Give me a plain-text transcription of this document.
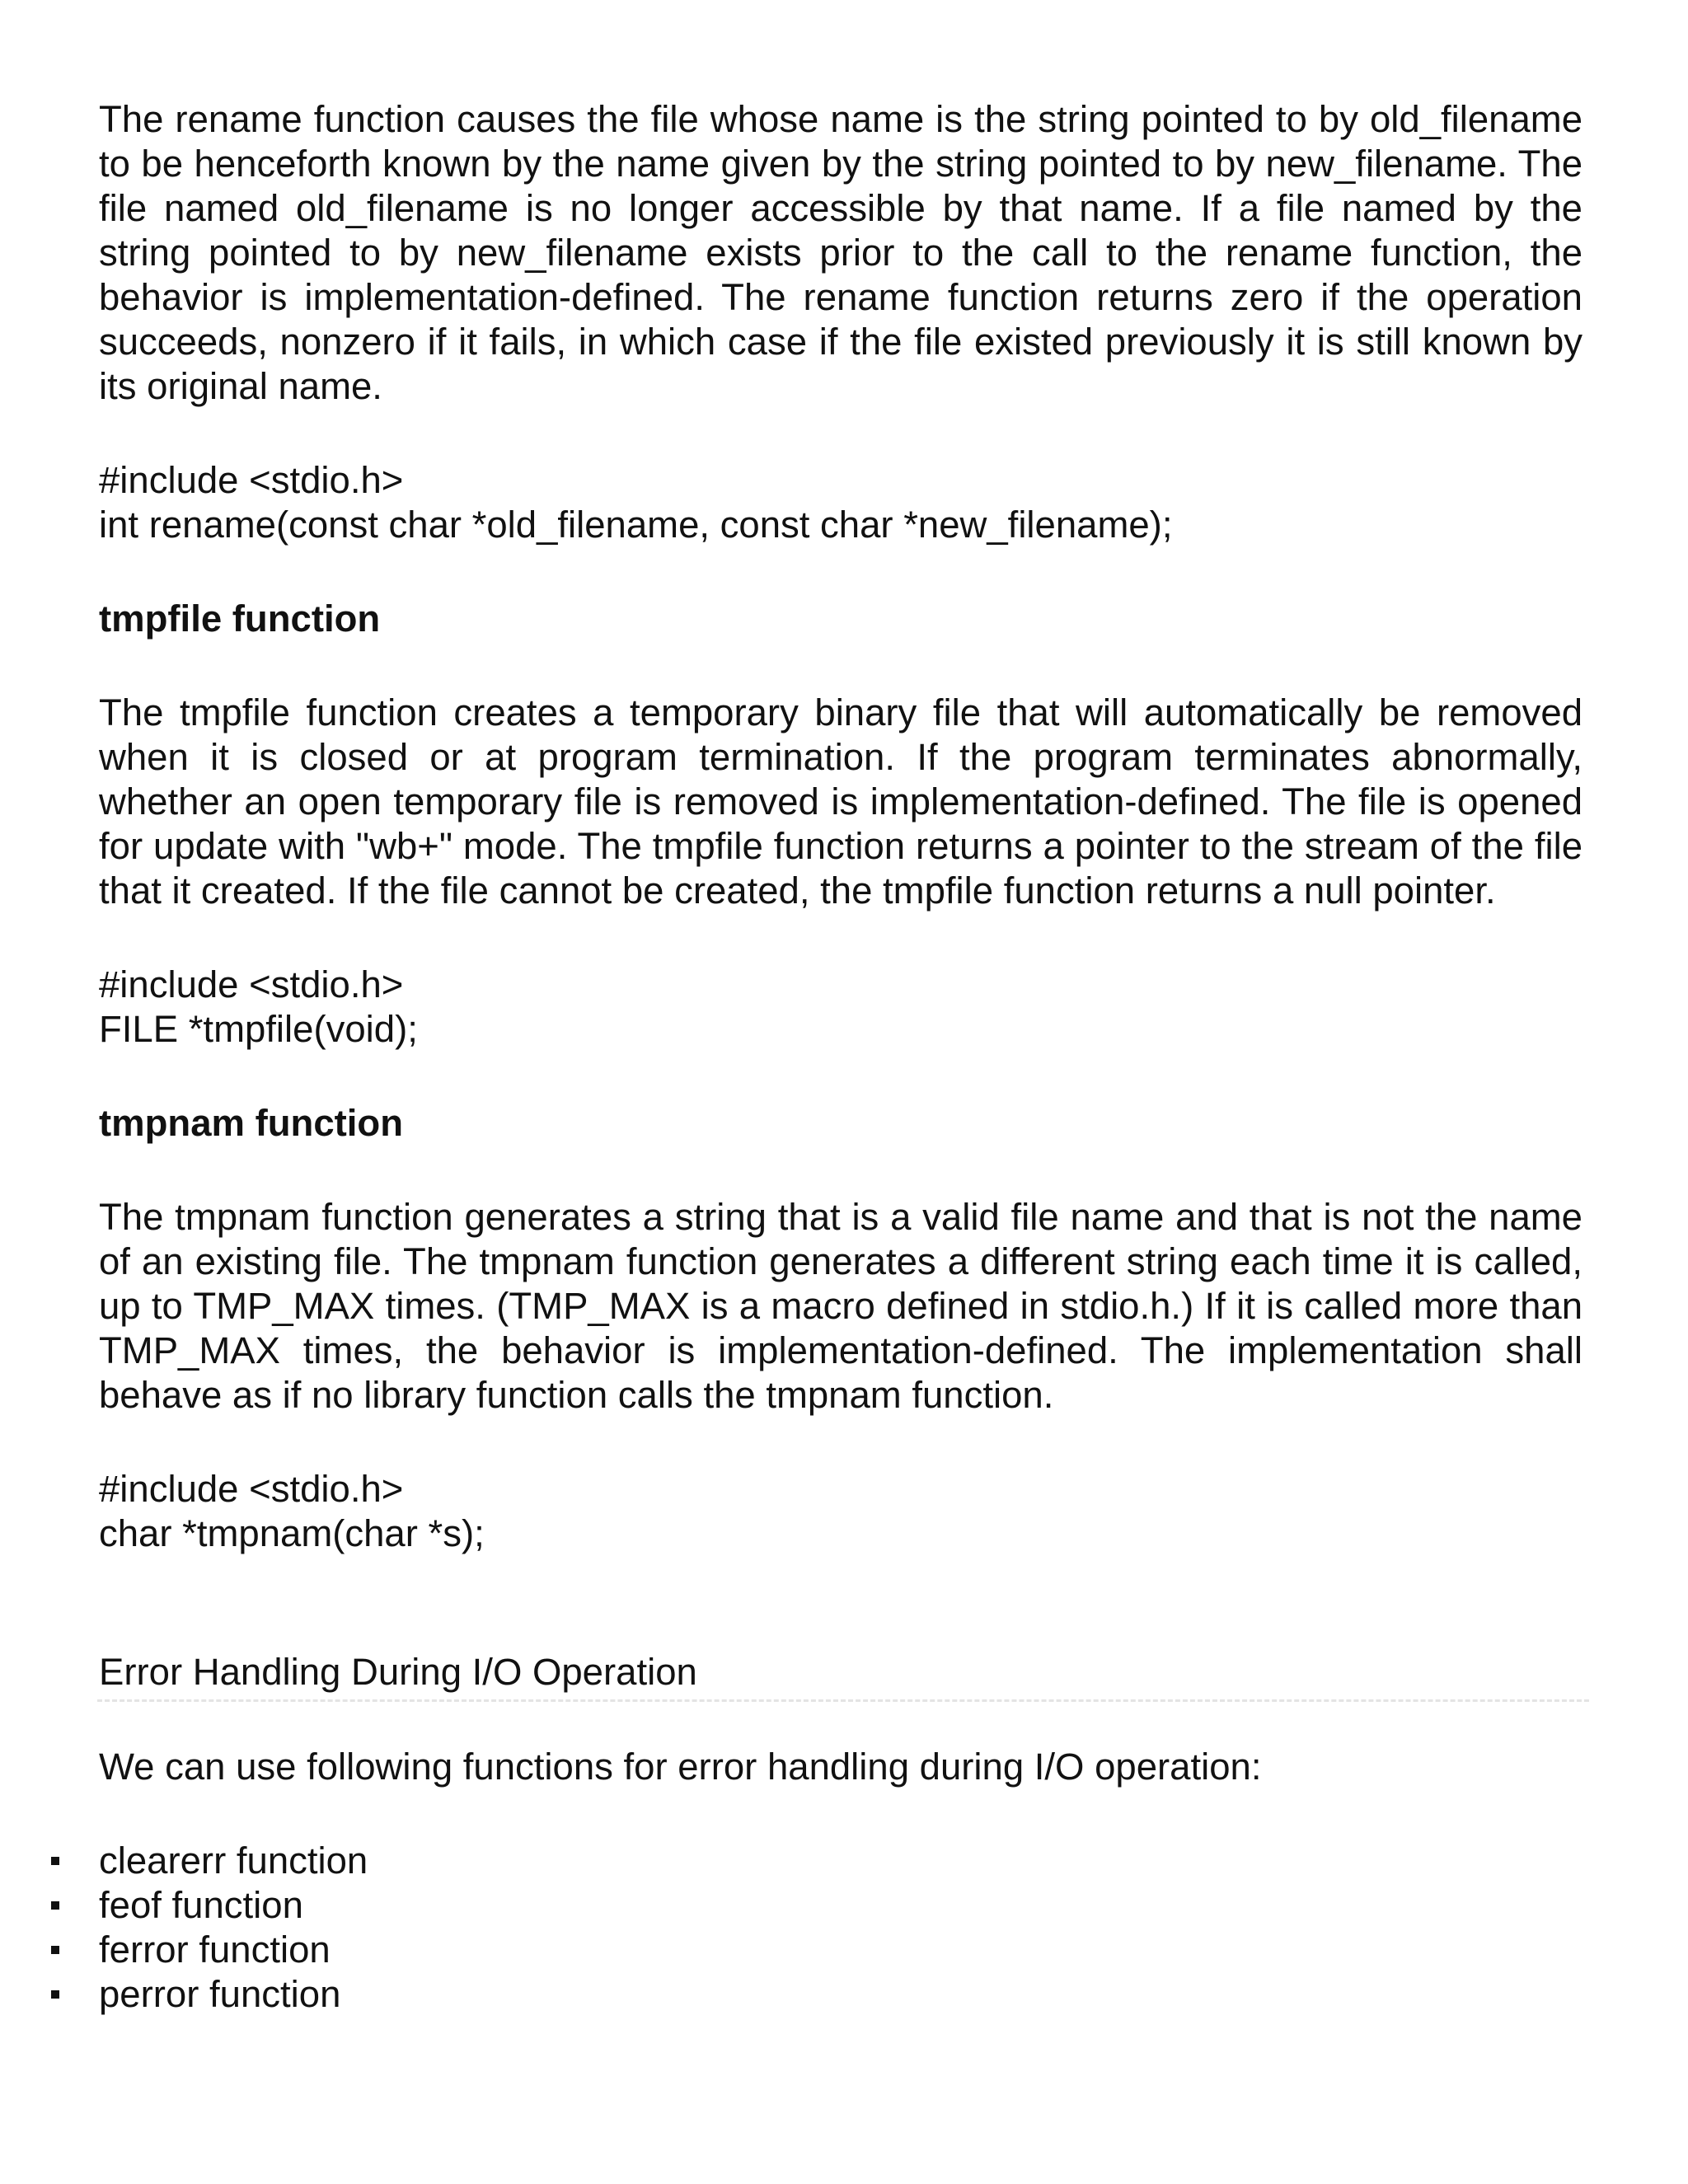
The rename function causes the file whose name is the string pointed to by old_filename to be henceforth known by the name given by the string pointed to by new_filename. The file named old_filename is no longer accessible by that name. If a file named by the string pointed to by new_filename exists prior to the call to the rename function, the behavior is implementation-defined. The rename function returns zero if the operation succeeds, nonzero if it fails, in which case if the file existed previously it is still known by its original name.

#include <stdio.h>

int rename(const char *old_filename, const char *new_filename);

tmpfile function

The tmpfile function creates a temporary binary file that will automatically be removed when it is closed or at program termination. If the program terminates abnormally, whether an open temporary file is removed is implementation-defined. The file is opened for update with "wb+" mode. The tmpfile function returns a pointer to the stream of the file that it created. If the file cannot be created, the tmpfile function returns a null pointer.

#include <stdio.h>

FILE *tmpfile(void);

tmpnam function

The tmpnam function generates a string that is a valid file name and that is not the name of an existing file. The tmpnam function generates a different string each time it is called, up to TMP_MAX times. (TMP_MAX is a macro defined in stdio.h.) If it is called more than TMP_MAX times, the behavior is implementation-defined. The implementation shall behave as if no library function calls the tmpnam function.

#include <stdio.h>

char *tmpnam(char *s);

Error Handling During I/O Operation

We can use following functions for error handling during I/O operation:

clearerr function
feof function
ferror function
perror function
